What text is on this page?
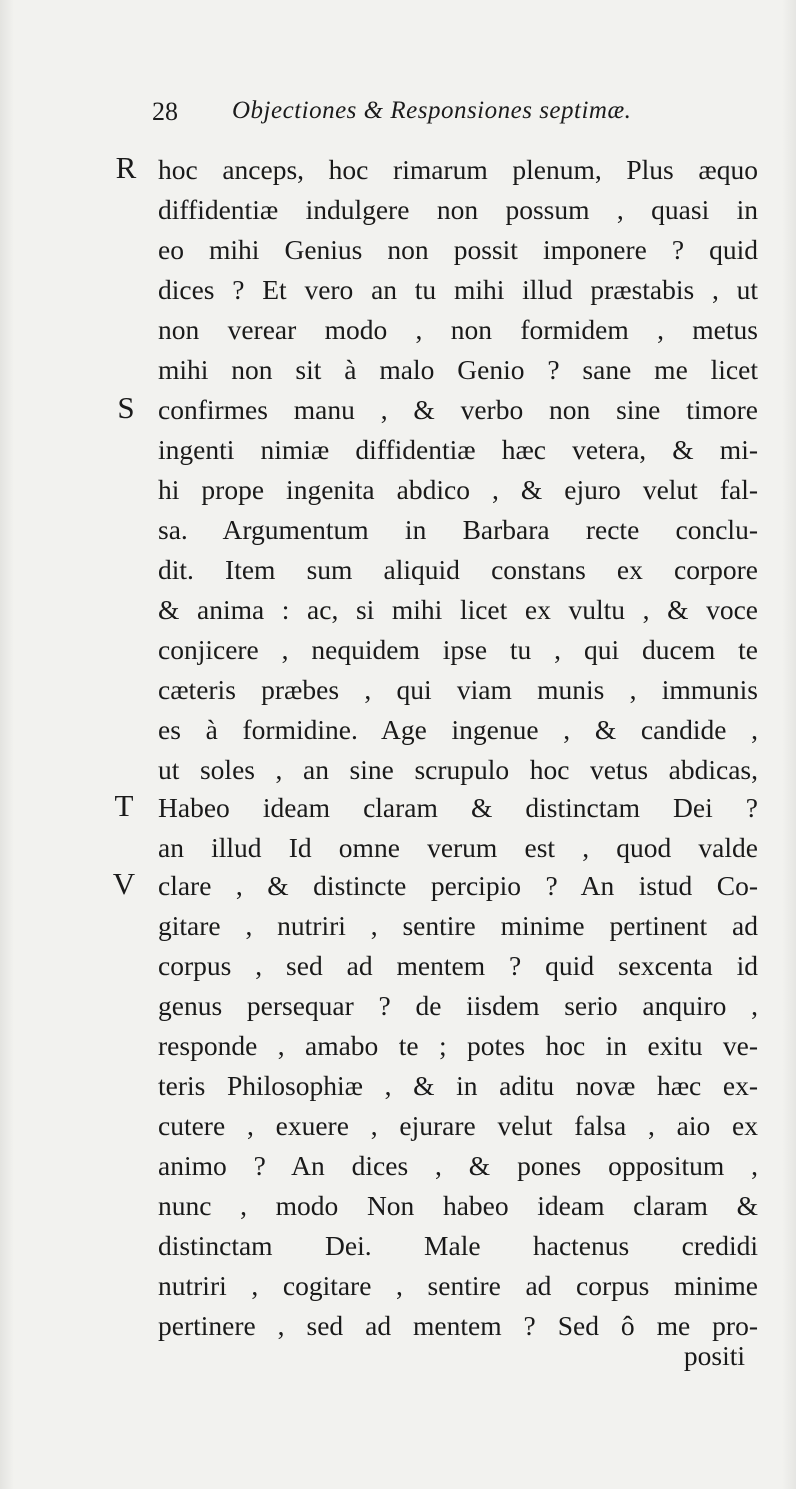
28 Objectiones & Responsiones septimæ.
R
S
T
V
hoc anceps, hoc rimarum plenum, Plus æquo
diffidentiæ indulgere non possum , quasi in
eo mihi Genius non possit imponere ? quid
dices ? Et vero an tu mihi illud præstabis , ut
non verear modo , non formidem , metus
mihi non sit à malo Genio ? sane me licet
confirmes manu , & verbo non sine timore
ingenti nimiæ diffidentiæ hæc vetera, & mi-
hi prope ingenita abdico , & ejuro velut fal-
sa. Argumentum in Barbara recte conclu-
dit. Item sum aliquid constans ex corpore
& anima : ac, si mihi licet ex vultu , & voce
conjicere , nequidem ipse tu , qui ducem te
cæteris præbes , qui viam munis , immunis
es à formidine. Age ingenue , & candide ,
ut soles , an sine scrupulo hoc vetus abdicas,
Habeo ideam claram & distinctam Dei ?
an illud Id omne verum est , quod valde
clare , & distincte percipio ? An istud Co-
gitare , nutriri , sentire minime pertinent ad
corpus , sed ad mentem ? quid sexcenta id
genus persequar ? de iisdem serio anquiro ,
responde , amabo te ; potes hoc in exitu ve-
teris Philosophiæ , & in aditu novæ hæc ex-
cutere , exuere , ejurare velut falsa , aio ex
animo ? An dices , & pones oppositum ,
nunc , modo Non habeo ideam claram &
distinctam Dei. Male hactenus credidi
nutriri , cogitare , sentire ad corpus minime
pertinere , sed ad mentem ? Sed ô me pro-
positi
